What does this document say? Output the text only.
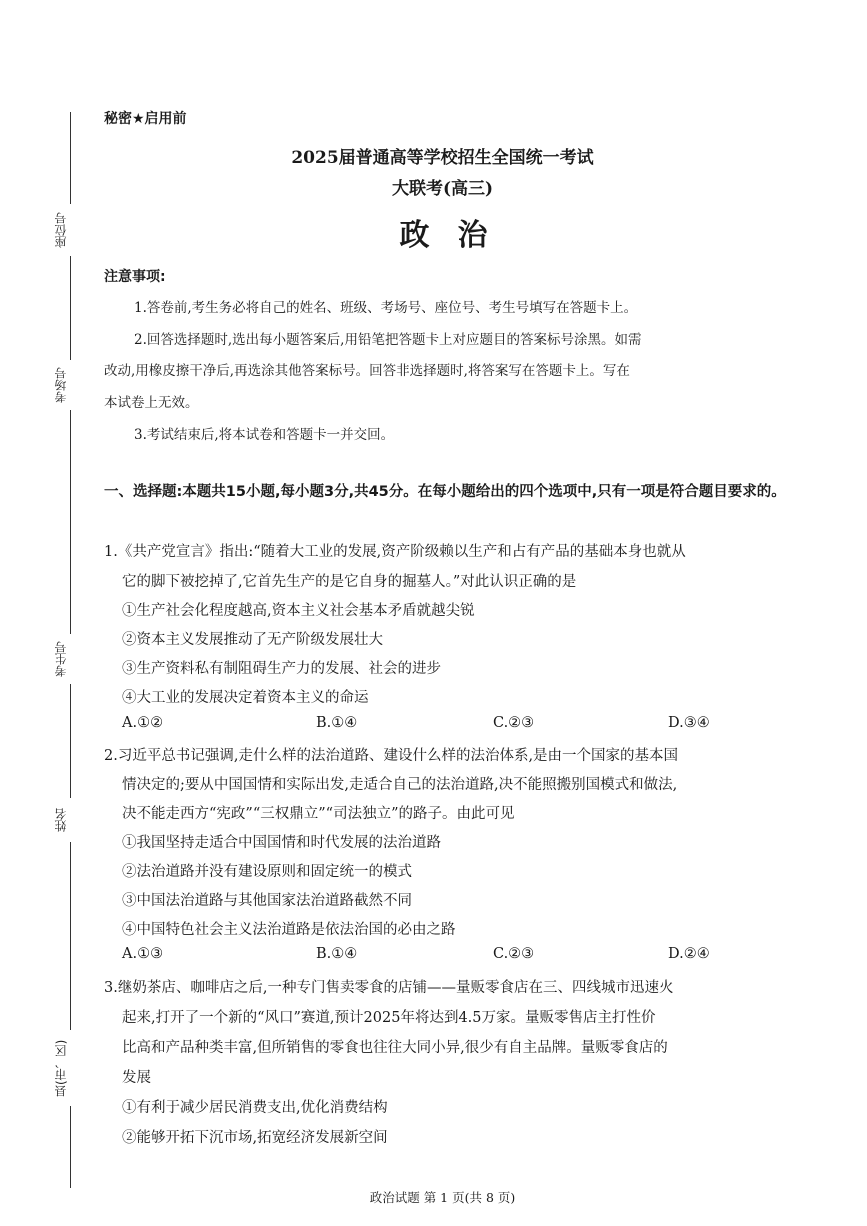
座位号
考场号
考生号
姓名
县(市、区)
秘密★启用前
2025届普通高等学校招生全国统一考试
大联考(高三)
政治
注意事项:
1.答卷前,考生务必将自己的姓名、班级、考场号、座位号、考生号填写在答题卡上。
2.回答选择题时,选出每小题答案后,用铅笔把答题卡上对应题目的答案标号涂黑。如需
改动,用橡皮擦干净后,再选涂其他答案标号。回答非选择题时,将答案写在答题卡上。写在
本试卷上无效。
3.考试结束后,将本试卷和答题卡一并交回。
一、选择题:本题共15小题,每小题3分,共45分。在每小题给出的四个选项中,只有一项是符合题目要求的。
1.《共产党宣言》指出:“随着大工业的发展,资产阶级赖以生产和占有产品的基础本身也就从
它的脚下被挖掉了,它首先生产的是它自身的掘墓人。”对此认识正确的是
①生产社会化程度越高,资本主义社会基本矛盾就越尖锐
②资本主义发展推动了无产阶级发展壮大
③生产资料私有制阻碍生产力的发展、社会的进步
④大工业的发展决定着资本主义的命运
A.①②	B.①④	C.②③	D.③④
2.习近平总书记强调,走什么样的法治道路、建设什么样的法治体系,是由一个国家的基本国
情决定的;要从中国国情和实际出发,走适合自己的法治道路,决不能照搬别国模式和做法,
决不能走西方“宪政”“三权鼎立”“司法独立”的路子。由此可见
①我国坚持走适合中国国情和时代发展的法治道路
②法治道路并没有建设原则和固定统一的模式
③中国法治道路与其他国家法治道路截然不同
④中国特色社会主义法治道路是依法治国的必由之路
A.①③	B.①④	C.②③	D.②④
3.继奶茶店、咖啡店之后,一种专门售卖零食的店铺——量贩零食店在三、四线城市迅速火
起来,打开了一个新的“风口”赛道,预计2025年将达到4.5万家。量贩零售店主打性价
比高和产品种类丰富,但所销售的零食也往往大同小异,很少有自主品牌。量贩零食店的
发展
①有利于减少居民消费支出,优化消费结构
②能够开拓下沉市场,拓宽经济发展新空间
政治试题 第 1 页(共 8 页)
